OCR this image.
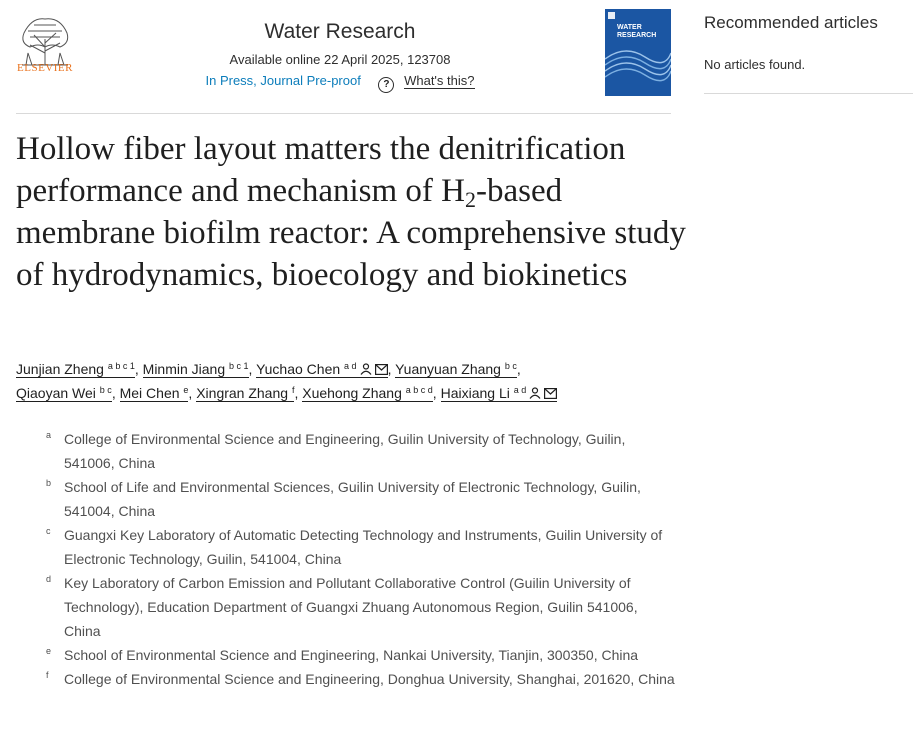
ELSEVIER
Water Research
Available online 22 April 2025, 123708
In Press, Journal Pre-proof ? What's this?
WATER
RESEARCH
Hollow fiber layout matters the denitrification performance and mechanism of $H_2$-based membrane biofilm reactor: A comprehensive study of hydrodynamics, bioecology and biokinetics
Junjian Zheng $^{a b c 1}$, Minmin Jiang $^{b c 1}$, Yuchao Chen $^{a d}$ , Yuanyuan Zhang $^{b c}$,
Qiaoyan Wei $^{b c}$, Mei Chen $^e$, Xingran Zhang $^f$, Xuehong Zhang $^{a b c d}$, Haixiang Li $^{a d}$
a College of Environmental Science and Engineering, Guilin University of Technology, Guilin, 541006, China
b School of Life and Environmental Sciences, Guilin University of Electronic Technology, Guilin, 541004, China
c Guangxi Key Laboratory of Automatic Detecting Technology and Instruments, Guilin University of Electronic Technology, Guilin, 541004, China
d Key Laboratory of Carbon Emission and Pollutant Collaborative Control (Guilin University of Technology), Education Department of Guangxi Zhuang Autonomous Region, Guilin 541006, China
e School of Environmental Science and Engineering, Nankai University, Tianjin, 300350, China
f College of Environmental Science and Engineering, Donghua University, Shanghai, 201620, China
Recommended articles
No articles found.
